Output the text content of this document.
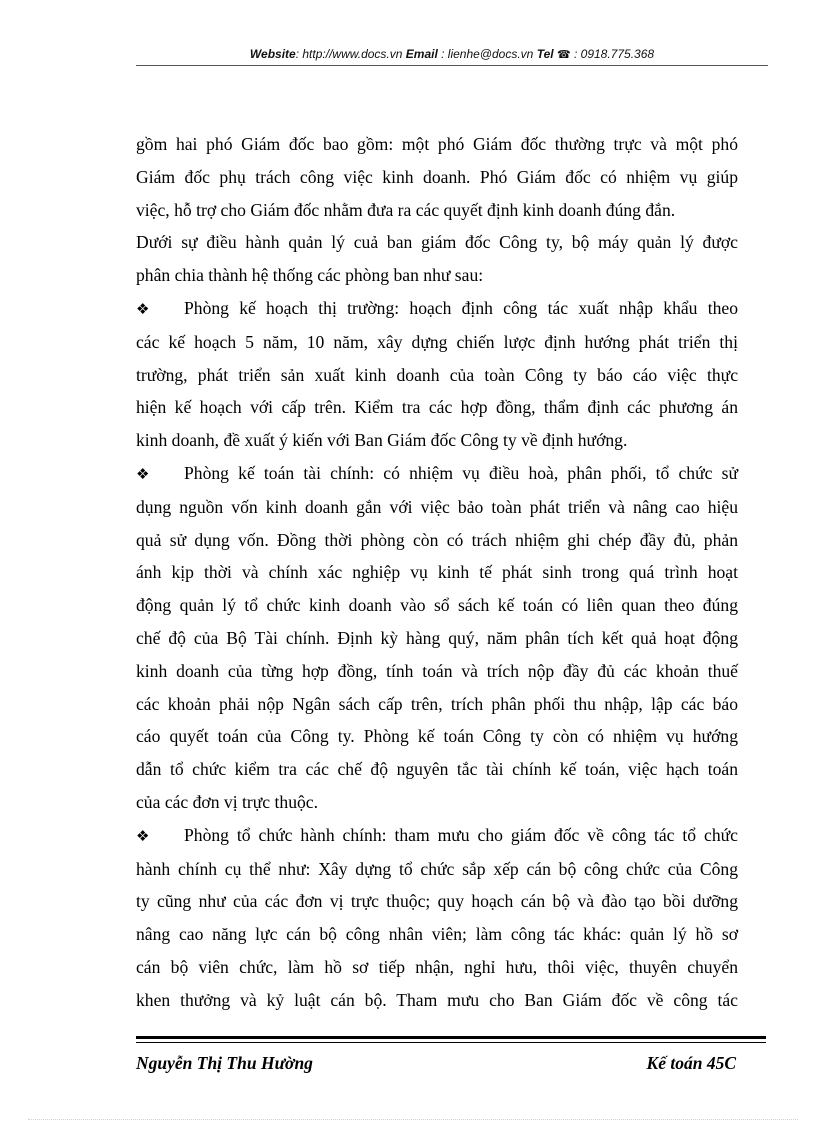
Website: http://www.docs.vn Email : lienhe@docs.vn Tel ☎ : 0918.775.368
gồm hai phó Giám đốc bao gồm: một phó Giám đốc thường trực và một phó
Giám đốc phụ trách công việc kinh doanh. Phó Giám đốc có nhiệm vụ giúp
việc, hỗ trợ cho Giám đốc nhằm đưa ra các quyết định kinh doanh đúng đắn.
Dưới sự điều hành quản lý cuả ban giám đốc Công ty, bộ máy quản lý được
phân chia thành hệ thống các phòng ban như sau:
❖ Phòng kế hoạch thị trường: hoạch định công tác xuất nhập khẩu theo
các kế hoạch 5 năm, 10 năm, xây dựng chiến lược định hướng phát triển thị
trường, phát triển sản xuất kinh doanh của toàn Công ty báo cáo việc thực
hiện kế hoạch với cấp trên. Kiểm tra các hợp đồng, thẩm định các phương án
kinh doanh, đề xuất ý kiến với Ban Giám đốc Công ty về định hướng.
❖ Phòng kế toán tài chính: có nhiệm vụ điều hoà, phân phối, tổ chức sử
dụng nguồn vốn kinh doanh gắn với việc bảo toàn phát triển và nâng cao hiệu
quả sử dụng vốn. Đồng thời phòng còn có trách nhiệm ghi chép đầy đủ, phản
ánh kịp thời và chính xác nghiệp vụ kinh tế phát sinh trong quá trình hoạt
động quản lý tổ chức kinh doanh vào sổ sách kế toán có liên quan theo đúng
chế độ của Bộ Tài chính. Định kỳ hàng quý, năm phân tích kết quả hoạt động
kinh doanh của từng hợp đồng, tính toán và trích nộp đầy đủ các khoản thuế
các khoản phải nộp Ngân sách cấp trên, trích phân phối thu nhập, lập các báo
cáo quyết toán của Công ty. Phòng kế toán Công ty còn có nhiệm vụ hướng
dẫn tổ chức kiểm tra các chế độ nguyên tắc tài chính kế toán, việc hạch toán
của các đơn vị trực thuộc.
❖ Phòng tổ chức hành chính: tham mưu cho giám đốc về công tác tổ chức
hành chính cụ thể như: Xây dựng tổ chức sắp xếp cán bộ công chức của Công
ty cũng như của các đơn vị trực thuộc; quy hoạch cán bộ và đào tạo bồi dưỡng
nâng cao năng lực cán bộ công nhân viên; làm công tác khác: quản lý hồ sơ
cán bộ viên chức, làm hồ sơ tiếp nhận, nghỉ hưu, thôi việc, thuyên chuyển
khen thưởng và kỷ luật cán bộ. Tham mưu cho Ban Giám đốc về công tác
Nguyễn Thị Thu Hường	Kế toán 45C
